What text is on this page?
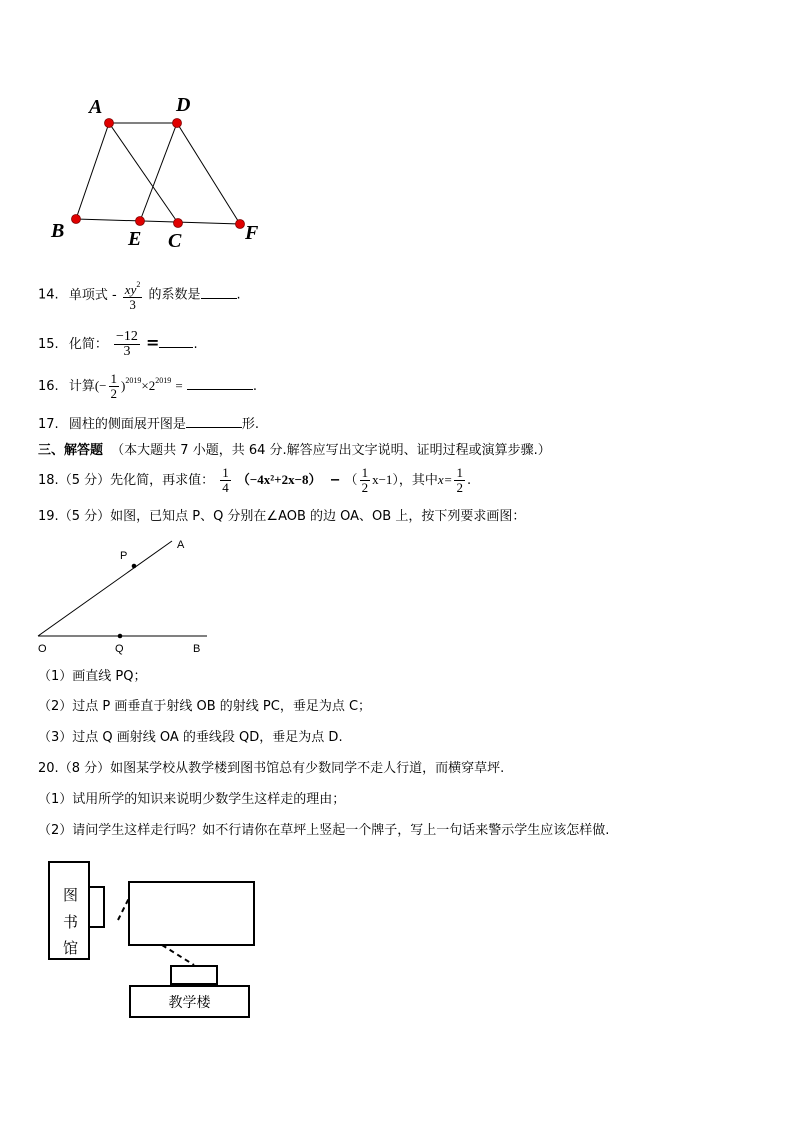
A	D
B	E C	F
14. 单项式 - $\frac{xy^2}{3}$ 的系数是	.
15. 化简： $\frac{-12}{3}$ =	.
16. 计算(− $\frac{1}{2} )^{2019}\times 2^{2019}$ =	.
17. 圆柱的侧面展开图是	形.
三、解答题 （本大题共 7 小题，共 64 分.解答应写出文字说明、证明过程或演算步骤.）
18.（5 分）先化简，再求值： $\frac{1}{4} (-4x^2+2x-8)$ − （ $\frac{1}{2} x-1$），其中$x= \frac{1}{2}$ .
19.（5 分）如图，已知点 P、Q 分别在∠AOB 的边 OA、OB 上，按下列要求画图：
P
A
O	Q	B
（1）画直线 PQ；
（2）过点 P 画垂直于射线 OB 的射线 PC，垂足为点 C；
（3）过点 Q 画射线 OA 的垂线段 QD，垂足为点 D.
20.（8 分）如图某学校从教学楼到图书馆总有少数同学不走人行道，而横穿草坪.
（1）试用所学的知识来说明少数学生这样走的理由；
（2）请问学生这样走行吗？如不行请你在草坪上竖起一个牌子，写上一句话来警示学生应该怎样做.
图
书
馆
教学楼
